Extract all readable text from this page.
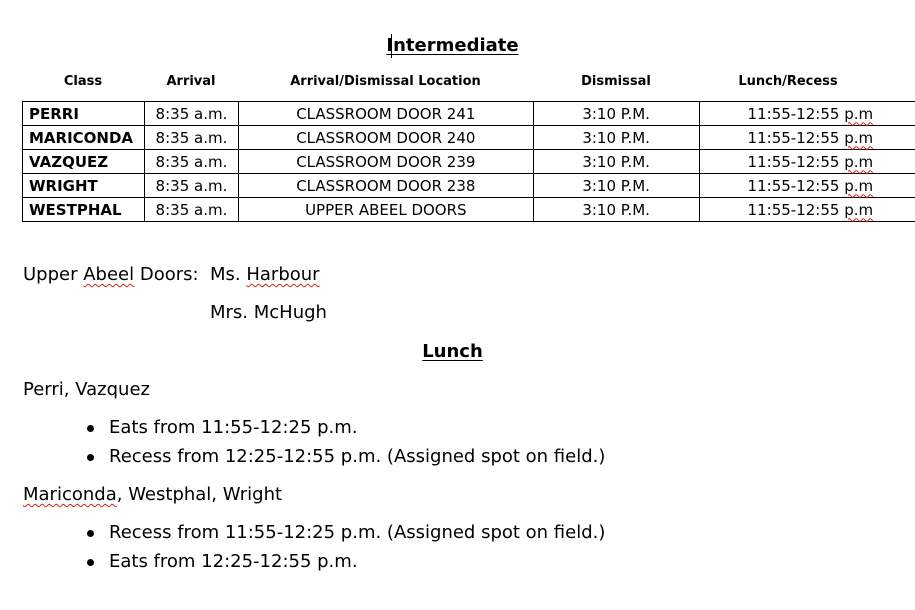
Intermediate
Class	Arrival	Arrival/Dismissal Location	Dismissal	Lunch/Recess
PERRI	8:35 a.m.	CLASSROOM DOOR 241	3:10 P.M.	11:55-12:55 p.m
MARICONDA	8:35 a.m.	CLASSROOM DOOR 240	3:10 P.M.	11:55-12:55 p.m
VAZQUEZ	8:35 a.m.	CLASSROOM DOOR 239	3:10 P.M.	11:55-12:55 p.m
WRIGHT	8:35 a.m.	CLASSROOM DOOR 238	3:10 P.M.	11:55-12:55 p.m
WESTPHAL	8:35 a.m.	UPPER ABEEL DOORS	3:10 P.M.	11:55-12:55 p.m
Upper Abeel Doors: Ms. Harbour
Mrs. McHugh
Lunch
Perri, Vazquez
Eats from 11:55-12:25 p.m.
Recess from 12:25-12:55 p.m. (Assigned spot on field.)
Mariconda, Westphal, Wright
Recess from 11:55-12:25 p.m. (Assigned spot on field.)
Eats from 12:25-12:55 p.m.
